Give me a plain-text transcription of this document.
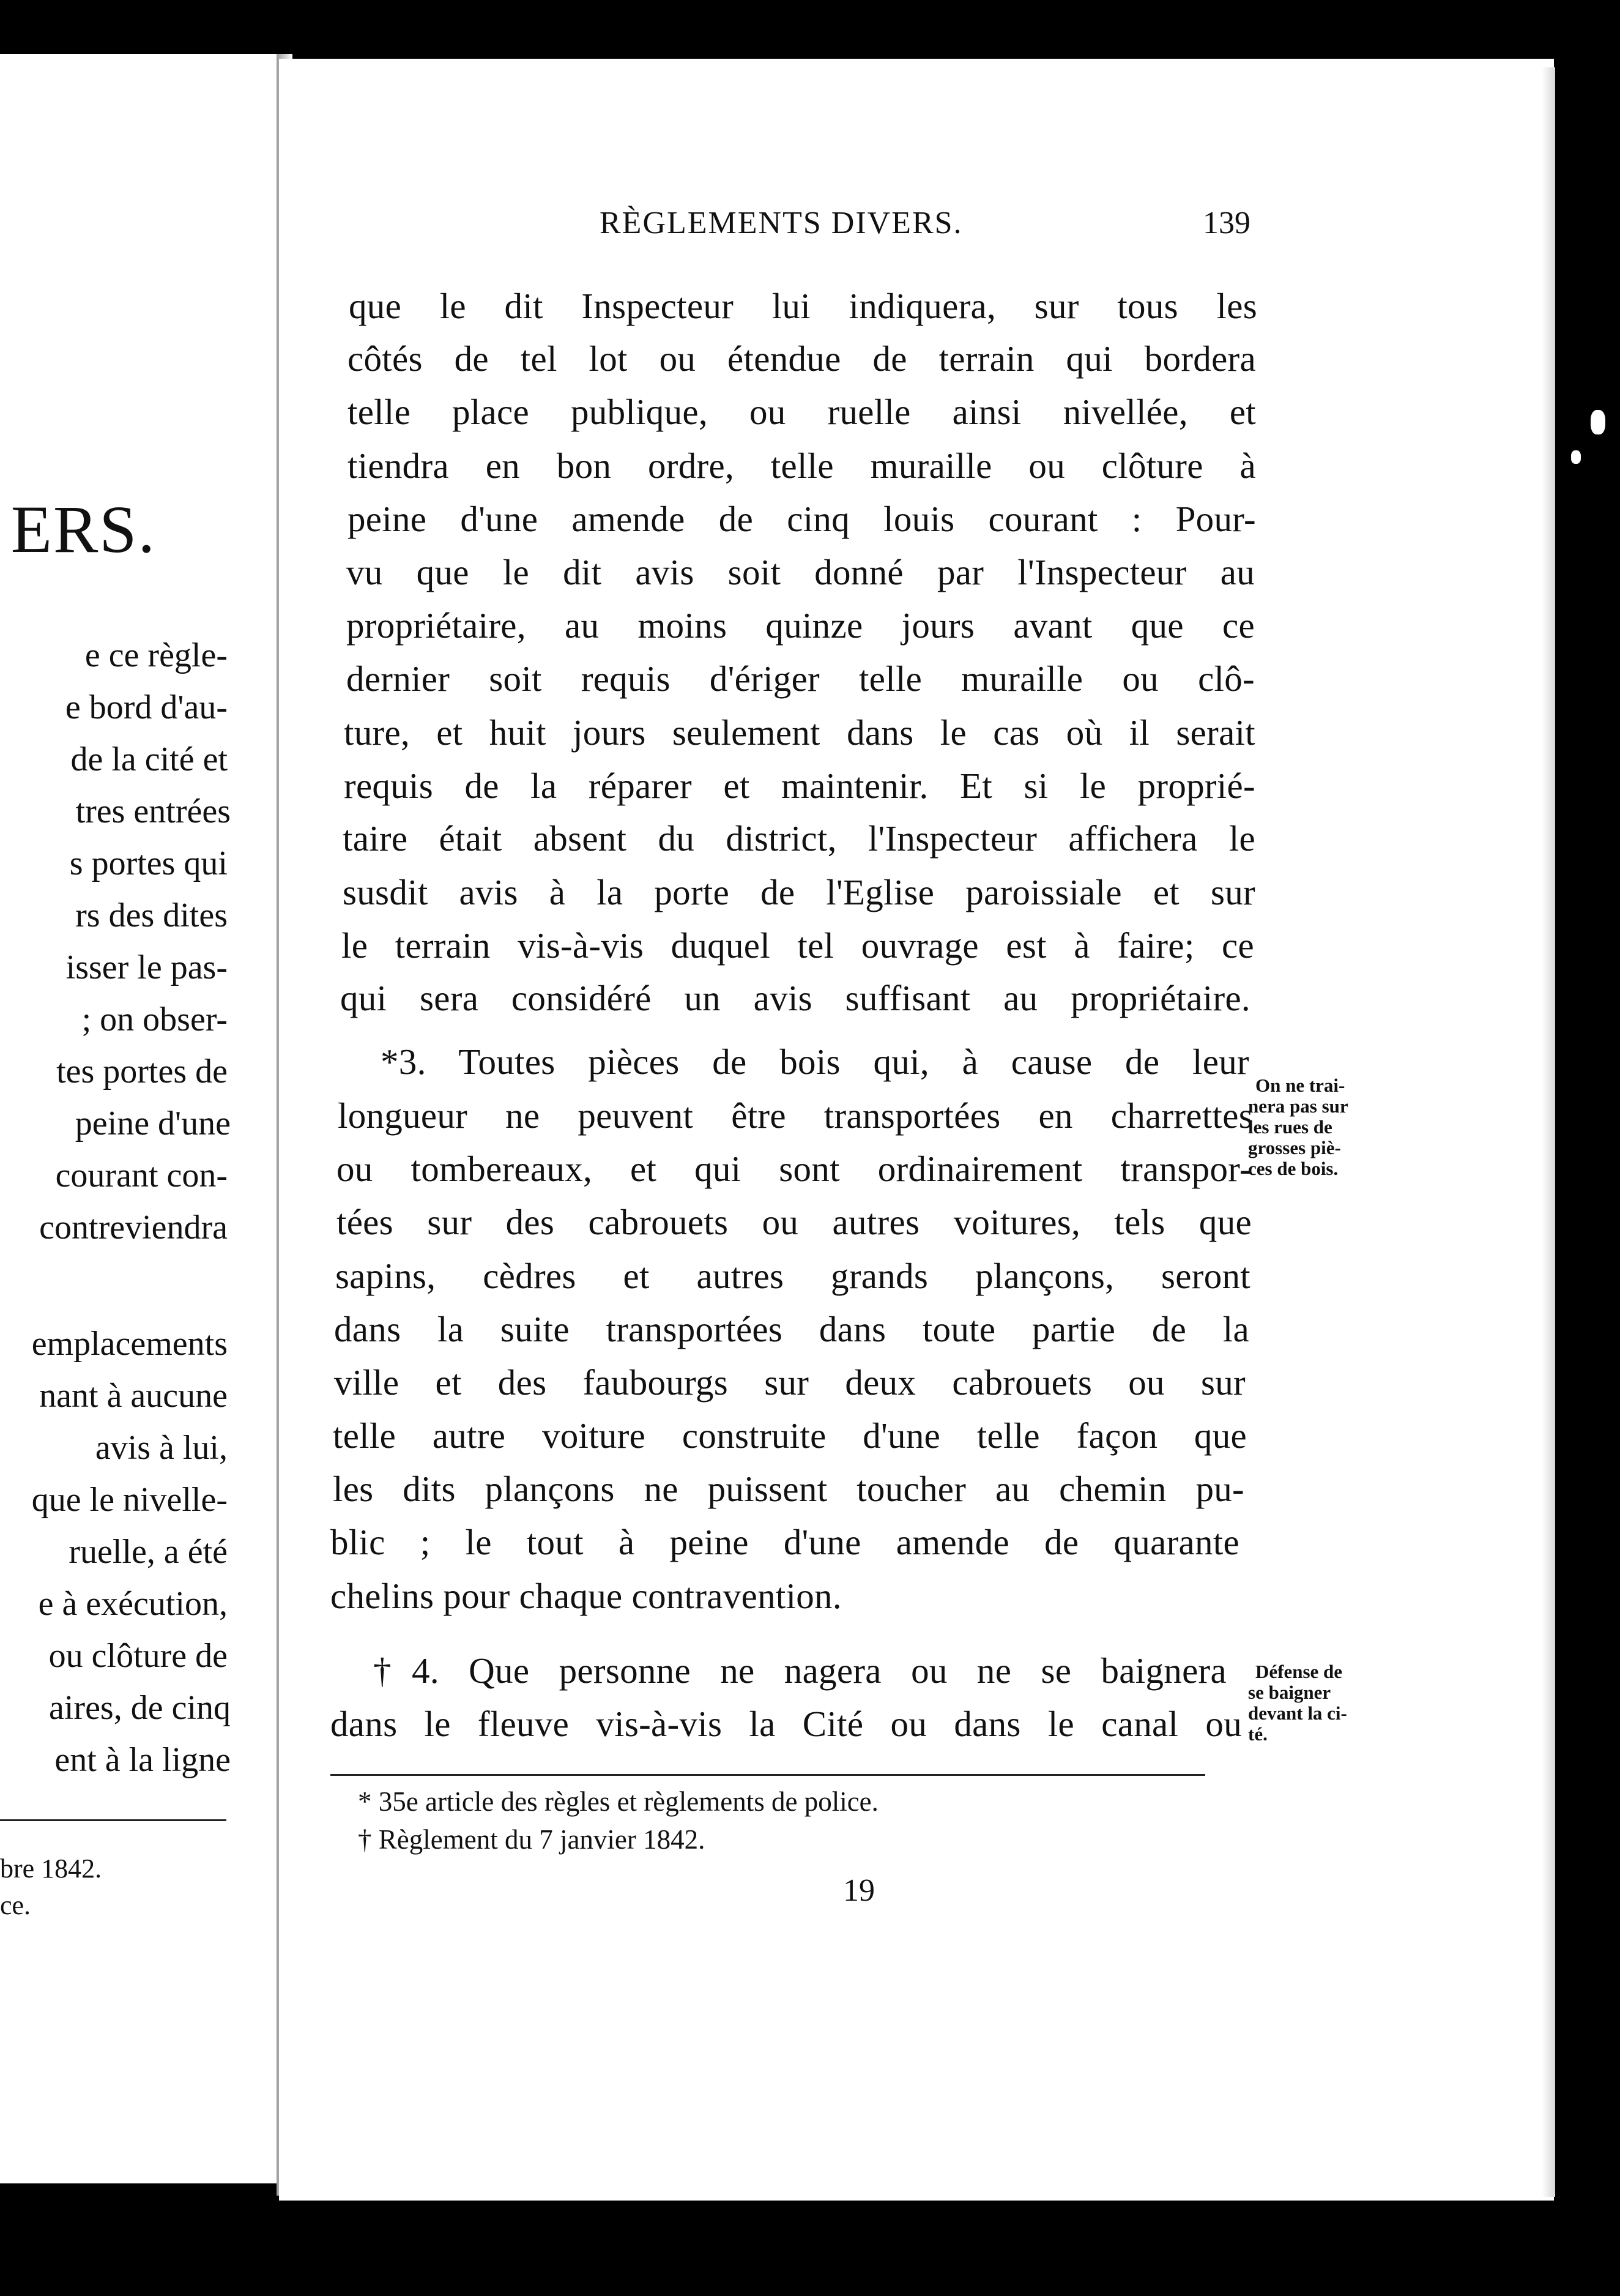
ERS.
e ce règle-
e bord d'au-
de la cité et
tres entrées
s portes qui
rs des dites
isser le pas-
; on obser-
tes portes de
peine d'une
courant con-
contreviendra
emplacements
nant à aucune
avis à lui,
que le nivelle-
ruelle, a été
e à exécution,
ou clôture de
aires, de cinq
ent à la ligne
bre 1842.
ce.
RÈGLEMENTS DIVERS.	139
que le dit Inspecteur lui indiquera, sur tous les
côtés de tel lot ou étendue de terrain qui bordera
telle place publique, ou ruelle ainsi nivellée, et
tiendra en bon ordre, telle muraille ou clôture à
peine d'une amende de cinq louis courant : Pour-
vu que le dit avis soit donné par l'Inspecteur au
propriétaire, au moins quinze jours avant que ce
dernier soit requis d'ériger telle muraille ou clô-
ture, et huit jours seulement dans le cas où il serait
requis de la réparer et maintenir. Et si le proprié-
taire était absent du district, l'Inspecteur affichera le
susdit avis à la porte de l'Eglise paroissiale et sur
le terrain vis-à-vis duquel tel ouvrage est à faire; ce
qui sera considéré un avis suffisant au propriétaire.
*3. Toutes pièces de bois qui, à cause de leur
longueur ne peuvent être transportées en charrettes
ou tombereaux, et qui sont ordinairement transpor-
tées sur des cabrouets ou autres voitures, tels que
sapins, cèdres et autres grands plançons, seront
dans la suite transportées dans toute partie de la
ville et des faubourgs sur deux cabrouets ou sur
telle autre voiture construite d'une telle façon que
les dits plançons ne puissent toucher au chemin pu-
blic ; le tout à peine d'une amende de quarante
chelins pour chaque contravention.
†4. Que personne ne nagera ou ne se baignera
dans le fleuve vis-à-vis la Cité ou dans le canal ou
On ne trai-
nera pas sur
les rues de
grosses piè-
ces de bois.
Défense de
se baigner
devant la ci-
té.
* 35e article des règles et règlements de police.
† Règlement du 7 janvier 1842.
19
